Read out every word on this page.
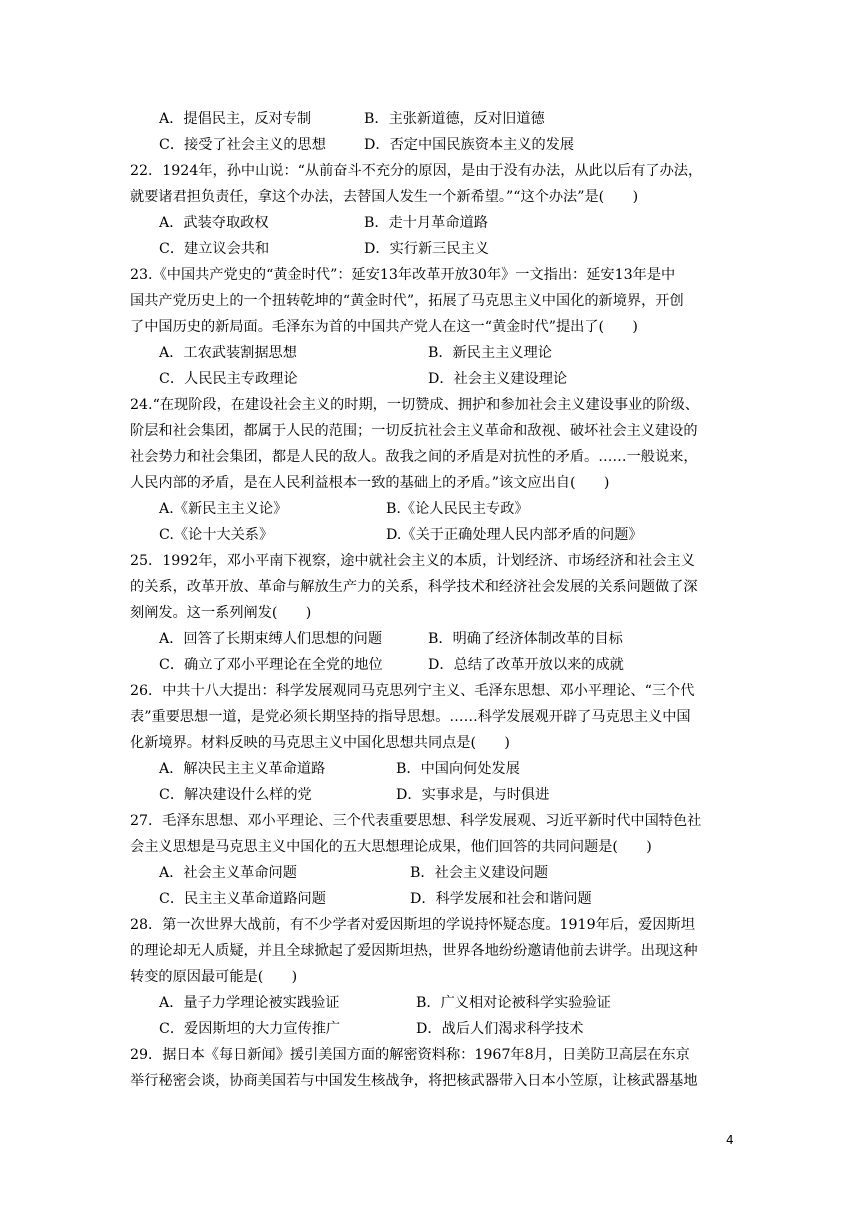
A．提倡民主，反对专制	B．主张新道德，反对旧道德
C．接受了社会主义的思想	D．否定中国民族资本主义的发展

22．1924年，孙中山说：“从前奋斗不充分的原因，是由于没有办法，从此以后有了办法，

就要诸君担负责任，拿这个办法，去替国人发生一个新希望。”“这个办法”是(　　)

A．武装夺取政权	B．走十月革命道路
C．建立议会共和	D．实行新三民主义

23.《中国共产党史的“黄金时代”：延安13年改革开放30年》一文指出：延安13年是中

国共产党历史上的一个扭转乾坤的“黄金时代”，拓展了马克思主义中国化的新境界，开创

了中国历史的新局面。毛泽东为首的中国共产党人在这一“黄金时代”提出了(　　)

A．工农武装割据思想	B．新民主主义理论
C．人民民主专政理论	D．社会主义建设理论

24.“在现阶段，在建设社会主义的时期，一切赞成、拥护和参加社会主义建设事业的阶级、

阶层和社会集团，都属于人民的范围；一切反抗社会主义革命和敌视、破坏社会主义建设的

社会势力和社会集团，都是人民的敌人。敌我之间的矛盾是对抗性的矛盾。……一般说来，

人民内部的矛盾，是在人民利益根本一致的基础上的矛盾。”该文应出自(　　)

A.《新民主主义论》	B.《论人民民主专政》
C.《论十大关系》	D.《关于正确处理人民内部矛盾的问题》

25．1992年，邓小平南下视察，途中就社会主义的本质，计划经济、市场经济和社会主义

的关系，改革开放、革命与解放生产力的关系，科学技术和经济社会发展的关系问题做了深

刻阐发。这一系列阐发(　　)

A．回答了长期束缚人们思想的问题	B．明确了经济体制改革的目标
C．确立了邓小平理论在全党的地位	D．总结了改革开放以来的成就

26．中共十八大提出：科学发展观同马克思列宁主义、毛泽东思想、邓小平理论、“三个代

表”重要思想一道，是党必须长期坚持的指导思想。……科学发展观开辟了马克思主义中国

化新境界。材料反映的马克思主义中国化思想共同点是(　　)

A．解决民主主义革命道路	B．中国向何处发展
C．解决建设什么样的党	D．实事求是，与时俱进

27．毛泽东思想、邓小平理论、三个代表重要思想、科学发展观、习近平新时代中国特色社

会主义思想是马克思主义中国化的五大思想理论成果，他们回答的共同问题是(　　)

A．社会主义革命问题	B．社会主义建设问题
C．民主主义革命道路问题	D．科学发展和社会和谐问题

28．第一次世界大战前，有不少学者对爱因斯坦的学说持怀疑态度。1919年后，爱因斯坦

的理论却无人质疑，并且全球掀起了爱因斯坦热，世界各地纷纷邀请他前去讲学。出现这种

转变的原因最可能是(　　)

A．量子力学理论被实践验证	B．广义相对论被科学实验验证
C．爱因斯坦的大力宣传推广	D．战后人们渴求科学技术

29．据日本《每日新闻》援引美国方面的解密资料称：1967年8月，日美防卫高层在东京

举行秘密会谈，协商美国若与中国发生核战争，将把核武器带入日本小笠原，让核武器基地

4
